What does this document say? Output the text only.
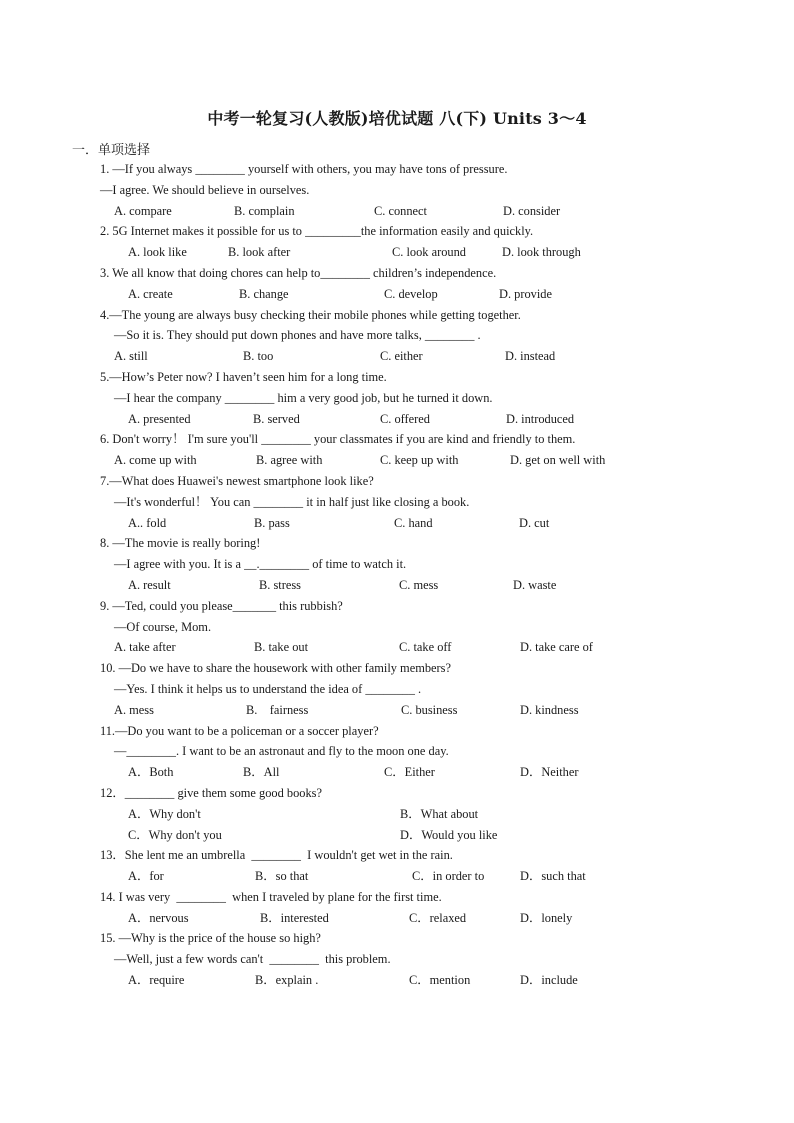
中考一轮复习(人教版)培优试题 八(下) Units 3～4
一．单项选择
1. —If you always ________ yourself with others, you may have tons of pressure.
—I agree. We should believe in ourselves.
A. compare	B. complain	C. connect	D. consider
2. 5G Internet makes it possible for us to _________the information easily and quickly.
A. look like	B. look after	C. look around	D. look through
3. We all know that doing chores can help to________ children’s independence.
A. create	B. change	C. develop	D. provide
4.—The young are always busy checking their mobile phones while getting together.
—So it is. They should put down phones and have more talks, ________ .
A. still	B. too	C. either	D. instead
5.—How’s Peter now? I haven’t seen him for a long time.
—I hear the company ________ him a very good job, but he turned it down.
A. presented	B. served	C. offered	D. introduced
6. Don't worry！ I'm sure you'll ________ your classmates if you are kind and friendly to them.
A. come up with	B. agree with	C. keep up with	D. get on well with
7.—What does Huawei's newest smartphone look like?
—It's wonderful！ You can ________ it in half just like closing a book.
A.. fold	B. pass	C. hand	D. cut
8. —The movie is really boring!
—I agree with you. It is a __.________ of time to watch it.
A. result	B. stress	C. mess	D. waste
9. —Ted, could you please_______ this rubbish?
—Of course, Mom.
A. take after	B. take out	C. take off	D. take care of
10. —Do we have to share the housework with other family members?
—Yes. I think it helps us to understand the idea of ________ .
A. mess	B.    fairness	C. business	D. kindness
11.—Do you want to be a policeman or a soccer player?
—________. I want to be an astronaut and fly to the moon one day.
A．Both	B．All	C．Either	D．Neither
12．________ give them some good books?
A．Why don't	B．What about
C．Why don't you	D．Would you like
13．She lent me an umbrella  ________  I wouldn't get wet in the rain.
A．for	B．so that	C．in order to	D．such that
14. I was very  ________  when I traveled by plane for the first time.
A．nervous	B．interested	C．relaxed	D．lonely
15. —Why is the price of the house so high?
—Well, just a few words can't  ________  this problem.
A．require	B．explain .	C．mention	D．include
